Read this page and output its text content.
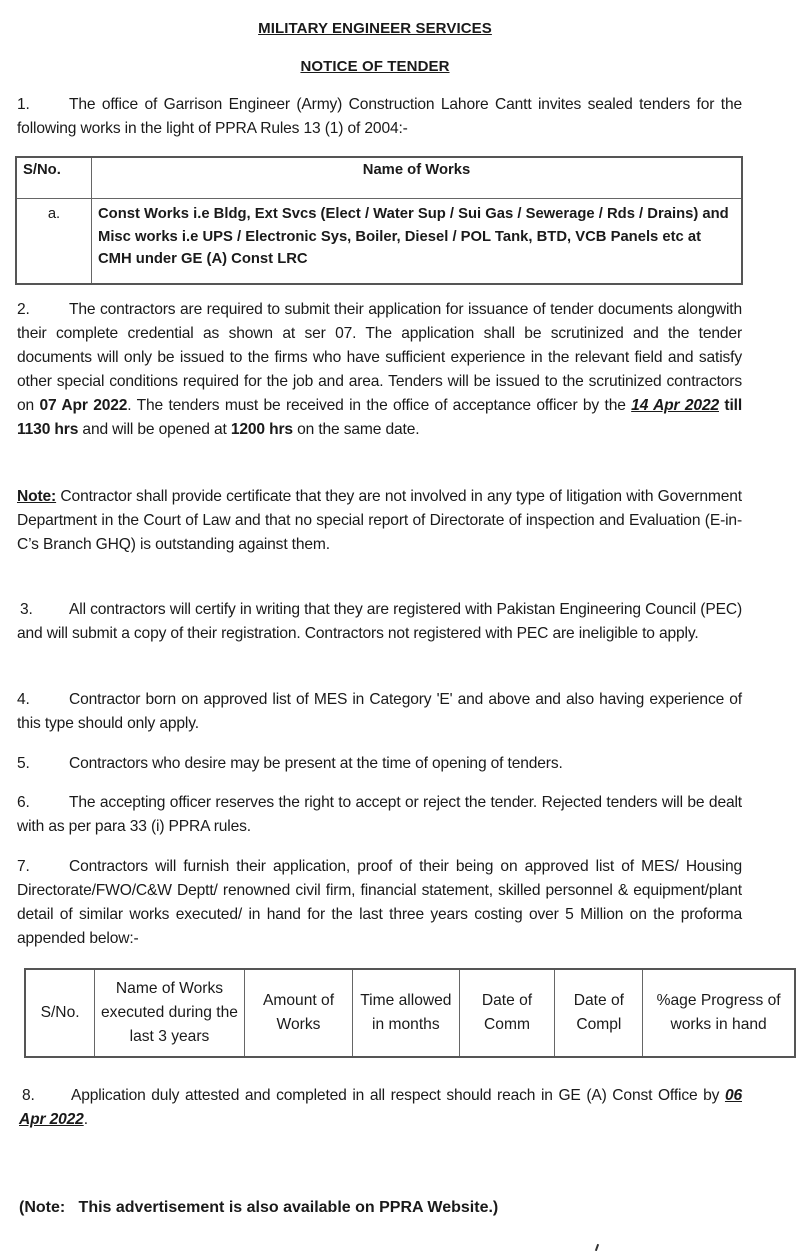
MILITARY ENGINEER SERVICES
NOTICE OF TENDER
1.	The office of Garrison Engineer (Army) Construction Lahore Cantt invites sealed tenders for the following works in the light of PPRA Rules 13 (1) of 2004:-
S/No.	Name of Works
a.	Const Works i.e Bldg, Ext Svcs (Elect / Water Sup / Sui Gas / Sewerage / Rds / Drains) and Misc works i.e UPS / Electronic Sys, Boiler, Diesel / POL Tank, BTD, VCB Panels etc at CMH under GE (A) Const LRC
2.	The contractors are required to submit their application for issuance of tender documents alongwith their complete credential as shown at ser 07. The application shall be scrutinized and the tender documents will only be issued to the firms who have sufficient experience in the relevant field and satisfy other special conditions required for the job and area. Tenders will be issued to the scrutinized contractors on 07 Apr 2022. The tenders must be received in the office of acceptance officer by the 14 Apr 2022 till 1130 hrs and will be opened at 1200 hrs on the same date.
Note: Contractor shall provide certificate that they are not involved in any type of litigation with Government Department in the Court of Law and that no special report of Directorate of inspection and Evaluation (E-in-C’s Branch GHQ) is outstanding against them.
3. All contractors will certify in writing that they are registered with Pakistan Engineering Council (PEC) and will submit a copy of their registration. Contractors not registered with PEC are ineligible to apply.
4.	Contractor born on approved list of MES in Category 'E' and above and also having experience of this type should only apply.
5.	Contractors who desire may be present at the time of opening of tenders.
6.	The accepting officer reserves the right to accept or reject the tender. Rejected tenders will be dealt with as per para 33 (i) PPRA rules.
7.	Contractors will furnish their application, proof of their being on approved list of MES/ Housing Directorate/FWO/C&W Deptt/ renowned civil firm, financial statement, skilled personnel & equipment/plant detail of similar works executed/ in hand for the last three years costing over 5 Million on the proforma appended below:-
S/No.	Name of Works executed during the last 3 years	Amount of Works	Time allowed in months	Date of Comm	Date of Compl	%age Progress of works in hand
8. Application duly attested and completed in all respect should reach in GE (A) Const Office by 06 Apr 2022.
(Note:   This advertisement is also available on PPRA Website.)
